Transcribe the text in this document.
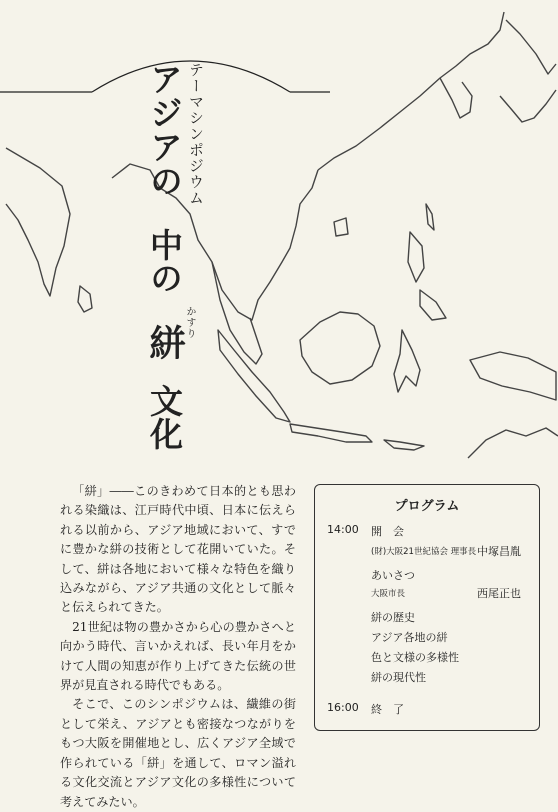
テーマシンポジウム
アジアの中の絣文化
かすり

「絣」――このきわめて日本的とも思われる染織は、江戸時代中頃、日本に伝えられる以前から、アジア地域において、すでに豊かな絣の技術として花開いていた。そして、絣は各地において様々な特色を織り込みながら、アジア共通の文化として脈々と伝えられてきた。

21世紀は物の豊かさから心の豊かさへと向かう時代、言いかえれば、長い年月をかけて人間の知恵が作り上げてきた伝統の世界が見直される時代でもある。

そこで、このシンポジウムは、繊維の街として栄え、アジアとも密接なつながりをもつ大阪を開催地とし、広くアジア全域で作られている「絣」を通して、ロマン溢れる文化交流とアジア文化の多様性について考えてみたい。

プログラム
14:00 開　会
(財)大阪21世紀協会 理事長 中塚昌胤
あいさつ
大阪市長	西尾正也
絣の歴史
アジア各地の絣
色と文様の多様性
絣の現代性
16:00 終　了
